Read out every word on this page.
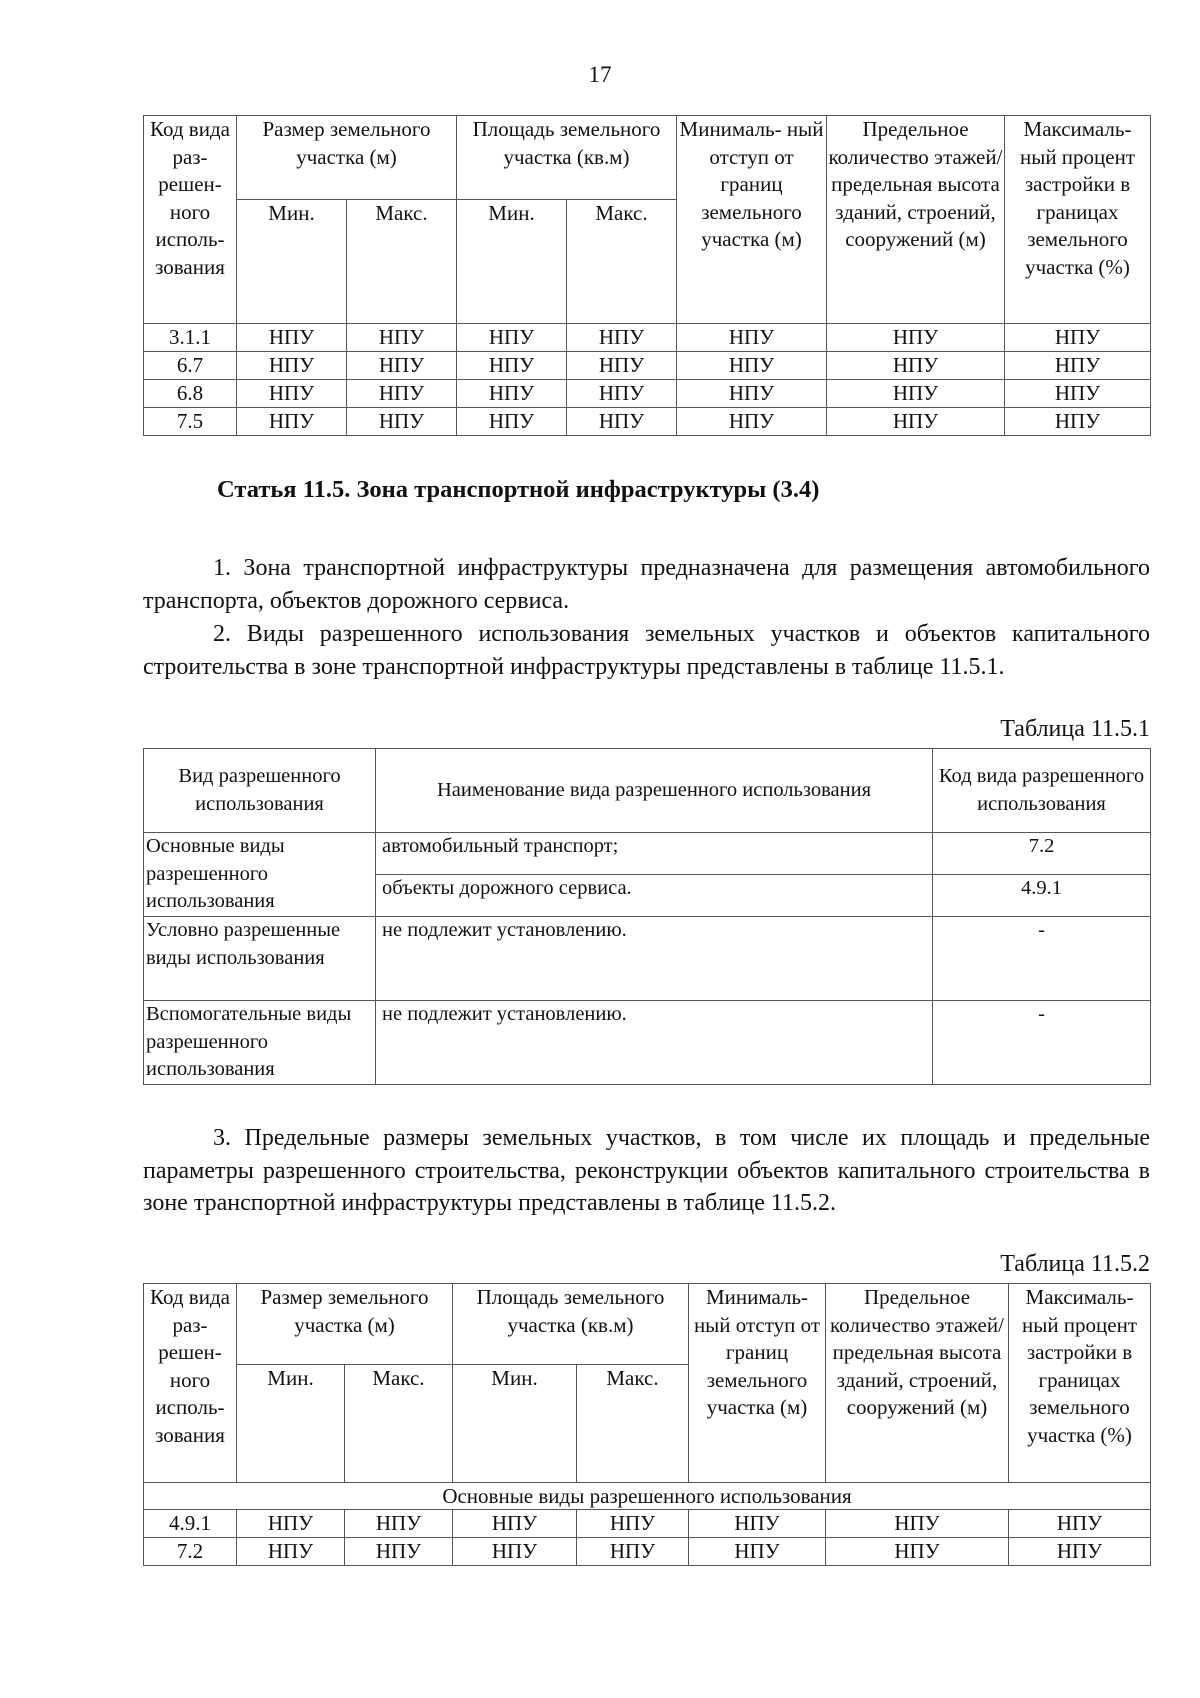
17
Код вида раз- решен- ного исполь- зования	Размер земельного участка (м)		Площадь земельного участка (кв.м)		Минималь- ный отступ от границ земельного участка (м)	Предельное количество этажей/ предельная высота зданий, строений, сооружений (м)	Максималь- ный процент застройки в границах земельного участка (%)
	Мин.	Макс.	Мин.	Макс.			
3.1.1	НПУ	НПУ	НПУ	НПУ	НПУ	НПУ	НПУ
6.7	НПУ	НПУ	НПУ	НПУ	НПУ	НПУ	НПУ
6.8	НПУ	НПУ	НПУ	НПУ	НПУ	НПУ	НПУ
7.5	НПУ	НПУ	НПУ	НПУ	НПУ	НПУ	НПУ
Статья 11.5. Зона транспортной инфраструктуры (3.4)
1. Зона транспортной инфраструктуры предназначена для размещения автомобильного транспорта, объектов дорожного сервиса.
2. Виды разрешенного использования земельных участков и объектов капитального строительства в зоне транспортной инфраструктуры представлены в таблице 11.5.1.
Таблица 11.5.1
Вид разрешенного использования	Наименование вида разрешенного использования	Код вида разрешенного использования
Основные виды разрешенного использования	автомобильный транспорт;	7.2
	объекты дорожного сервиса.	4.9.1
Условно разрешенные виды использования	не подлежит установлению.	-
Вспомогательные виды разрешенного использования	не подлежит установлению.	-
3. Предельные размеры земельных участков, в том числе их площадь и предельные параметры разрешенного строительства, реконструкции объектов капитального строительства в зоне транспортной инфраструктуры представлены в таблице 11.5.2.
Таблица 11.5.2
Код вида раз- решен- ного исполь- зования	Размер земельного участка (м)		Площадь земельного участка (кв.м)		Минималь- ный отступ от границ земельного участка (м)	Предельное количество этажей/ предельная высота зданий, строений, сооружений (м)	Максималь- ный процент застройки в границах земельного участка (%)
	Мин.	Макс.	Мин.	Макс.			
Основные виды разрешенного использования							
4.9.1	НПУ	НПУ	НПУ	НПУ	НПУ	НПУ	НПУ
7.2	НПУ	НПУ	НПУ	НПУ	НПУ	НПУ	НПУ
